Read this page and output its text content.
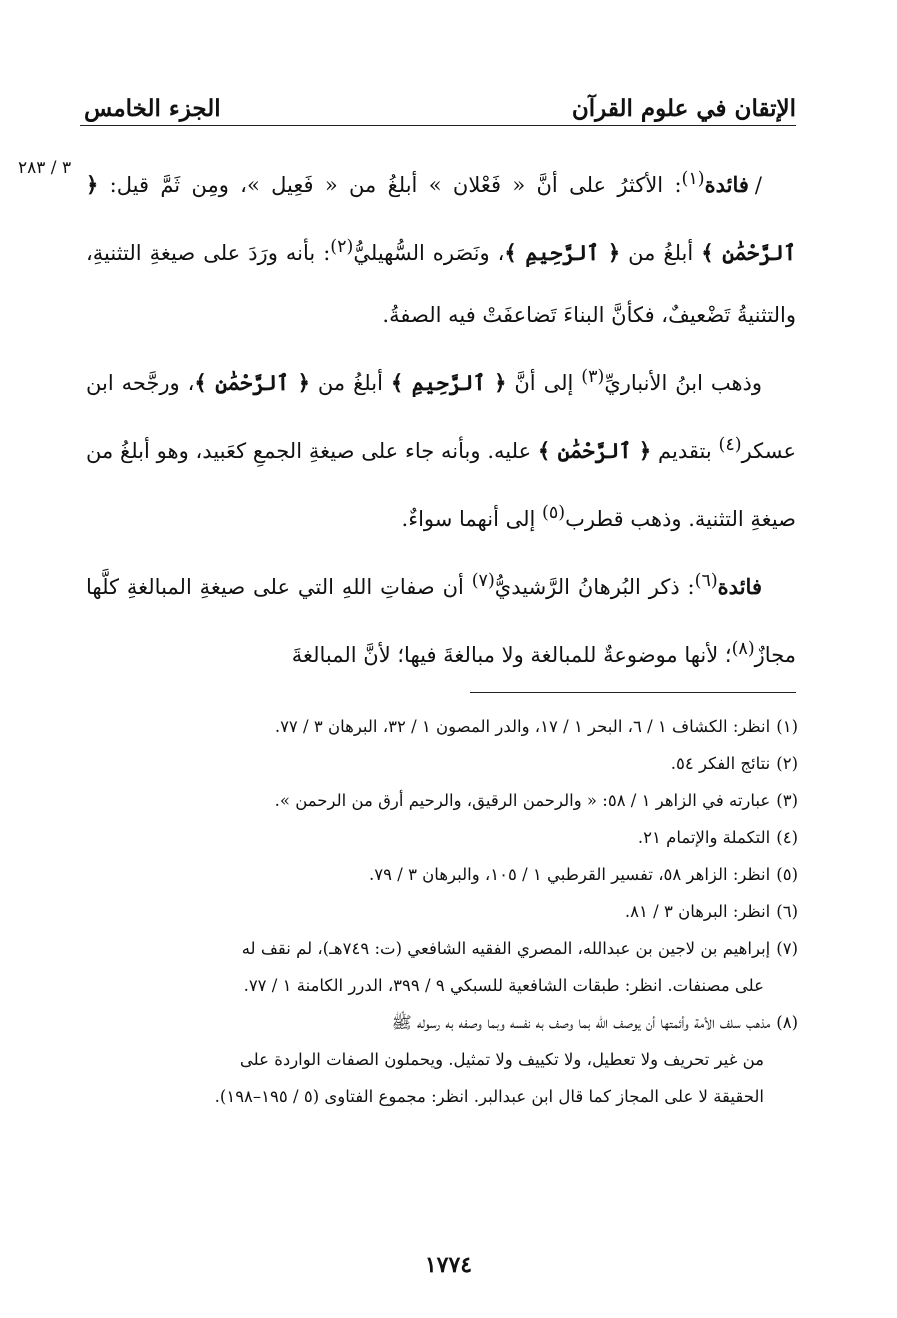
الإتقان في علوم القرآن
الجزء الخامس
٣ / ٢٨٣

/فائدة$^{(١)}$: الأكثرُ على أنَّ « فَعْلان » أبلغُ من « فَعِيل »، ومِن ثَمَّ قيل: ﴿ ٱلرَّحْمَٰنِ ﴾ أبلغُ من ﴿ ٱلرَّحِيمِ ﴾، ونَصَره السُّهيليُّ$^{(٢)}$: بأنه ورَدَ على صيغةِ التثنيةِ، والتثنيةُ تَضْعيفٌ، فكأنَّ البناءَ تَضاعفَتْ فيه الصفةُ.

وذهب ابنُ الأنباريِّ$^{(٣)}$ إلى أنَّ ﴿ ٱلرَّحِيمِ ﴾ أبلغُ من ﴿ ٱلرَّحْمَٰنِ ﴾، ورجَّحه ابن عسكر$^{(٤)}$ بتقديم ﴿ ٱلرَّحْمَٰنِ ﴾ عليه. وبأنه جاء على صيغةِ الجمعِ كعَبيد، وهو أبلغُ من صيغةِ التثنية. وذهب قطرب$^{(٥)}$ إلى أنهما سواءٌ.

فائدة$^{(٦)}$: ذكر البُرهانُ الرَّشيديُّ$^{(٧)}$ أن صفاتِ اللهِ التي على صيغةِ المبالغةِ كلَّها مجازٌ$^{(٨)}$؛ لأنها موضوعةٌ للمبالغة ولا مبالغةَ فيها؛ لأنَّ المبالغةَ

(١)انظر: الكشاف ١ / ٦، البحر ١ / ١٧، والدر المصون ١ / ٣٢، البرهان ٣ / ٧٧.

(٢)نتائج الفكر ٥٤.

(٣)عبارته في الزاهر ١ / ٥٨: « والرحمن الرقيق، والرحيم أرق من الرحمن ».

(٤)التكملة والإتمام ٢١.

(٥)انظر: الزاهر ٥٨، تفسير القرطبي ١ / ١٠٥، والبرهان ٣ / ٧٩.

(٦)انظر: البرهان ٣ / ٨١.

(٧)إبراهيم بن لاجين بن عبدالله، المصري الفقيه الشافعي (ت: ٧٤٩هـ)، لم نقف له

على مصنفات. انظر: طبقات الشافعية للسبكي ٩ / ٣٩٩، الدرر الكامنة ١ / ٧٧.

(٨)مذهب سلف الأمة وأئمتها أن يوصف الله بما وصف به نفسه وبما وصفه به رسوله ﷺ

من غير تحريف ولا تعطيل، ولا تكييف ولا تمثيل. ويحملون الصفات الواردة على

الحقيقة لا على المجاز كما قال ابن عبدالبر. انظر: مجموع الفتاوى (٥ / ١٩٥–١٩٨).

١٧٧٤
